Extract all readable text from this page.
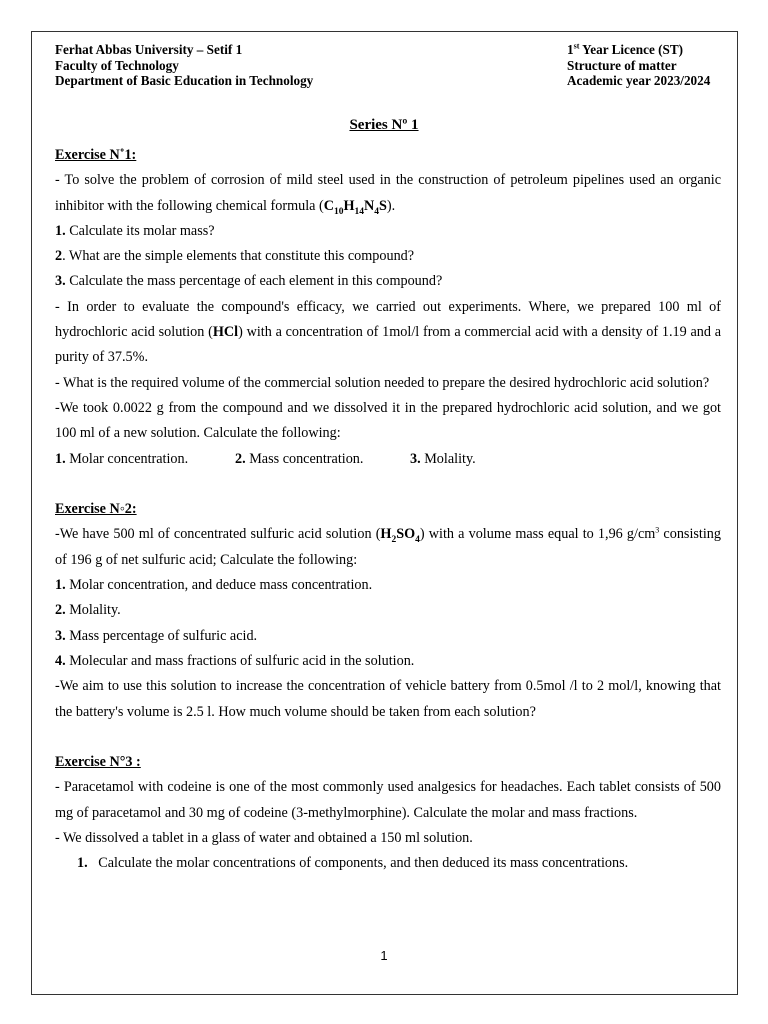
Ferhat Abbas University – Setif 1
Faculty of Technology
Department of Basic Education in Technology
1st Year Licence (ST)
Structure of matter
Academic year 2023/2024
Series Nº 1

Exercise N˚1:

- To solve the problem of corrosion of mild steel used in the construction of petroleum pipelines used an organic inhibitor with the following chemical formula $(C_{10}H_{14}N_4S)$.

1. Calculate its molar mass?

2. What are the simple elements that constitute this compound?

3. Calculate the mass percentage of each element in this compound?

- In order to evaluate the compound's efficacy, we carried out experiments. Where, we prepared 100 ml of hydrochloric acid solution (HCl) with a concentration of 1mol/l from a commercial acid with a density of 1.19 and a purity of 37.5%.

- What is the required volume of the commercial solution needed to prepare the desired hydrochloric acid solution?

-We took 0.0022 g from the compound and we dissolved it in the prepared hydrochloric acid solution, and we got 100 ml of a new solution. Calculate the following:

1. Molar concentration.	2. Mass concentration.	3. Molality.

Exercise N◦2:

-We have 500 ml of concentrated sulfuric acid solution $(H_2SO_4)$ with a volume mass equal to 1,96 $g/cm^3$ consisting of 196 g of net sulfuric acid; Calculate the following:

1. Molar concentration, and deduce mass concentration.

2. Molality.

3. Mass percentage of sulfuric acid.

4. Molecular and mass fractions of sulfuric acid in the solution.

-We aim to use this solution to increase the concentration of vehicle battery from 0.5mol /l to 2 mol/l, knowing that the battery's volume is 2.5 l. How much volume should be taken from each solution?

Exercise N°3 :

- Paracetamol with codeine is one of the most commonly used analgesics for headaches. Each tablet consists of 500 mg of paracetamol and 30 mg of codeine (3-methylmorphine). Calculate the molar and mass fractions.

- We dissolved a tablet in a glass of water and obtained a 150 ml solution.

1. Calculate the molar concentrations of components, and then deduced its mass concentrations.

1
